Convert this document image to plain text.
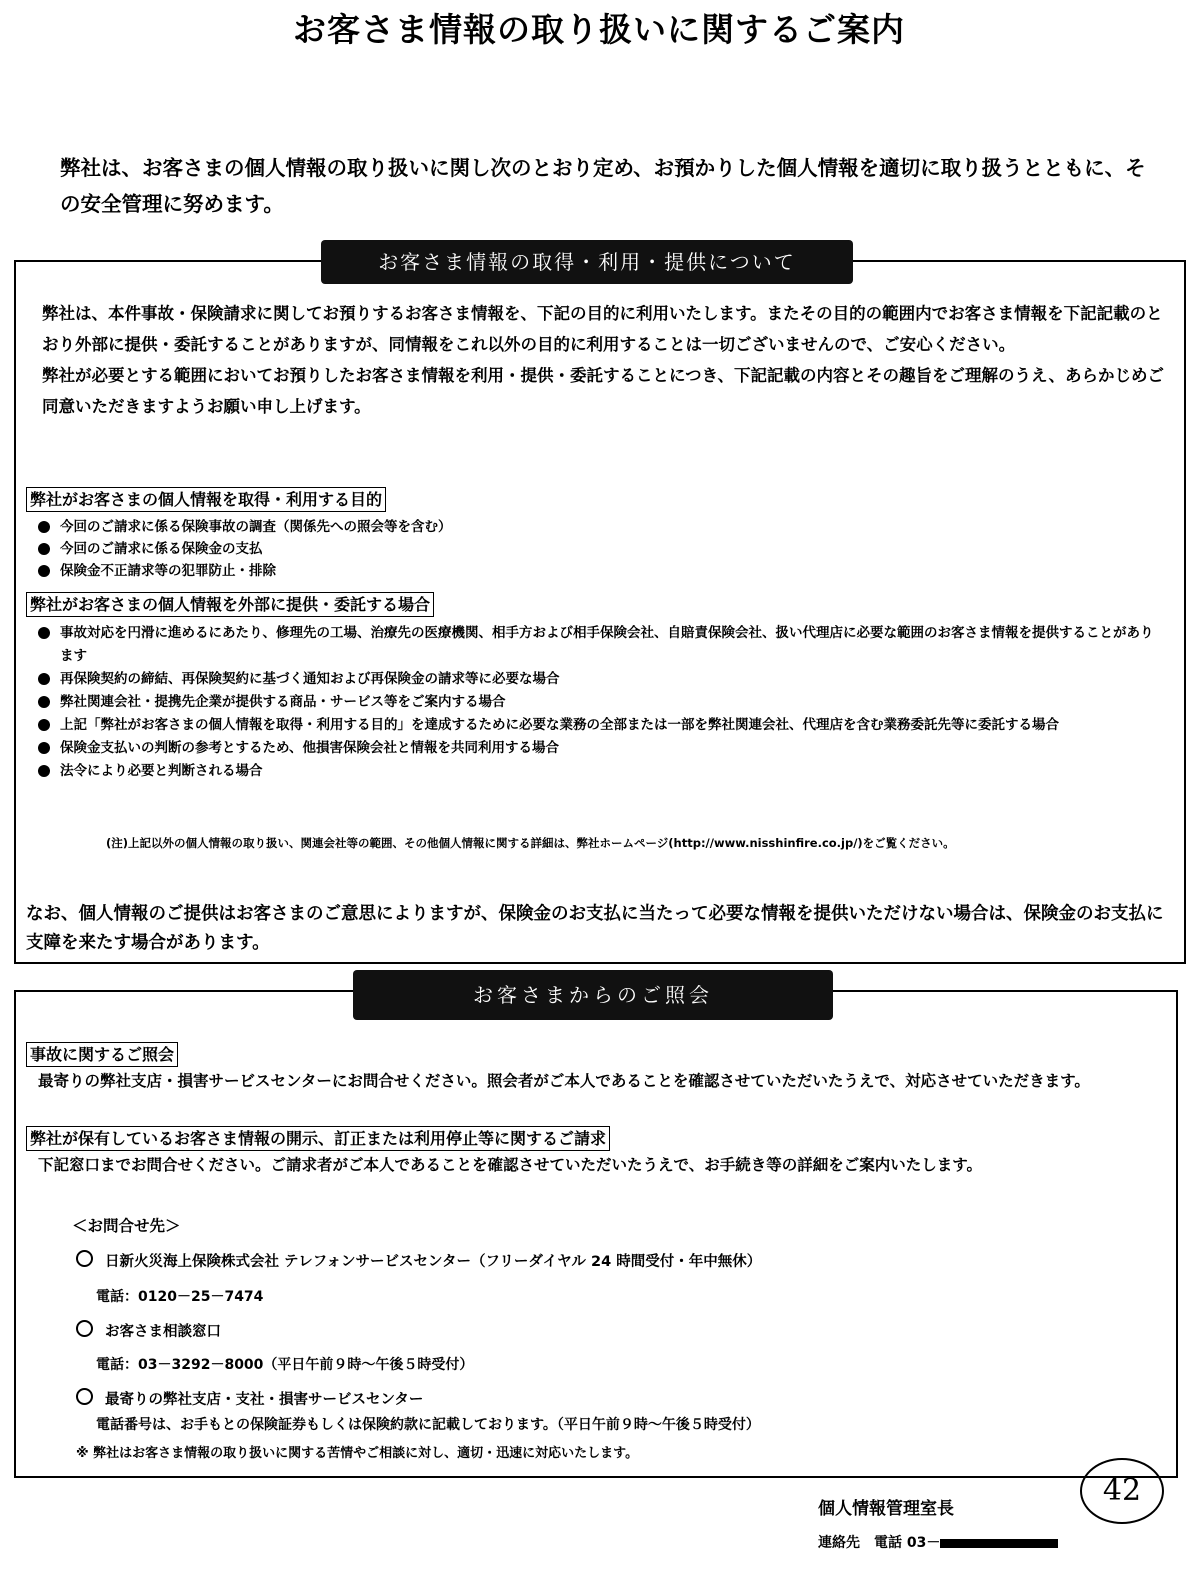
お客さま情報の取り扱いに関するご案内
弊社は、お客さまの個人情報の取り扱いに関し次のとおり定め、お預かりした個人情報を適切に取り扱うとともに、その安全管理に努めます。
お客さま情報の取得・利用・提供について
弊社は、本件事故・保険請求に関してお預りするお客さま情報を、下記の目的に利用いたします。またその目的の範囲内でお客さま情報を下記記載のとおり外部に提供・委託することがありますが、同情報をこれ以外の目的に利用することは一切ございませんので、ご安心ください。
弊社が必要とする範囲においてお預りしたお客さま情報を利用・提供・委託することにつき、下記記載の内容とその趣旨をご理解のうえ、あらかじめご同意いただきますようお願い申し上げます。
弊社がお客さまの個人情報を取得・利用する目的
今回のご請求に係る保険事故の調査（関係先への照会等を含む）
今回のご請求に係る保険金の支払
保険金不正請求等の犯罪防止・排除
弊社がお客さまの個人情報を外部に提供・委託する場合
事故対応を円滑に進めるにあたり、修理先の工場、治療先の医療機関、相手方および相手保険会社、自賠責保険会社、扱い代理店に必要な範囲のお客さま情報を提供することがあります
再保険契約の締結、再保険契約に基づく通知および再保険金の請求等に必要な場合
弊社関連会社・提携先企業が提供する商品・サービス等をご案内する場合
上記「弊社がお客さまの個人情報を取得・利用する目的」を達成するために必要な業務の全部または一部を弊社関連会社、代理店を含む業務委託先等に委託する場合
保険金支払いの判断の参考とするため、他損害保険会社と情報を共同利用する場合
法令により必要と判断される場合
(注)上記以外の個人情報の取り扱い、関連会社等の範囲、その他個人情報に関する詳細は、弊社ホームページ(http://www.nisshinfire.co.jp/)をご覧ください。
なお、個人情報のご提供はお客さまのご意思によりますが、保険金のお支払に当たって必要な情報を提供いただけない場合は、保険金のお支払に支障を来たす場合があります。
お客さまからのご照会
事故に関するご照会
最寄りの弊社支店・損害サービスセンターにお問合せください。照会者がご本人であることを確認させていただいたうえで、対応させていただきます。
弊社が保有しているお客さま情報の開示、訂正または利用停止等に関するご請求
下記窓口までお問合せください。ご請求者がご本人であることを確認させていただいたうえで、お手続き等の詳細をご案内いたします。
＜お問合せ先＞
日新火災海上保険株式会社 テレフォンサービスセンター（フリーダイヤル 24 時間受付・年中無休）
電話：0120－25－7474
お客さま相談窓口
電話：03－3292－8000（平日午前９時～午後５時受付）
最寄りの弊社支店・支社・損害サービスセンター
電話番号は、お手もとの保険証券もしくは保険約款に記載しております。（平日午前９時～午後５時受付）
※ 弊社はお客さま情報の取り扱いに関する苦情やご相談に対し、適切・迅速に対応いたします。
42
個人情報管理室長
連絡先　電話 03－
